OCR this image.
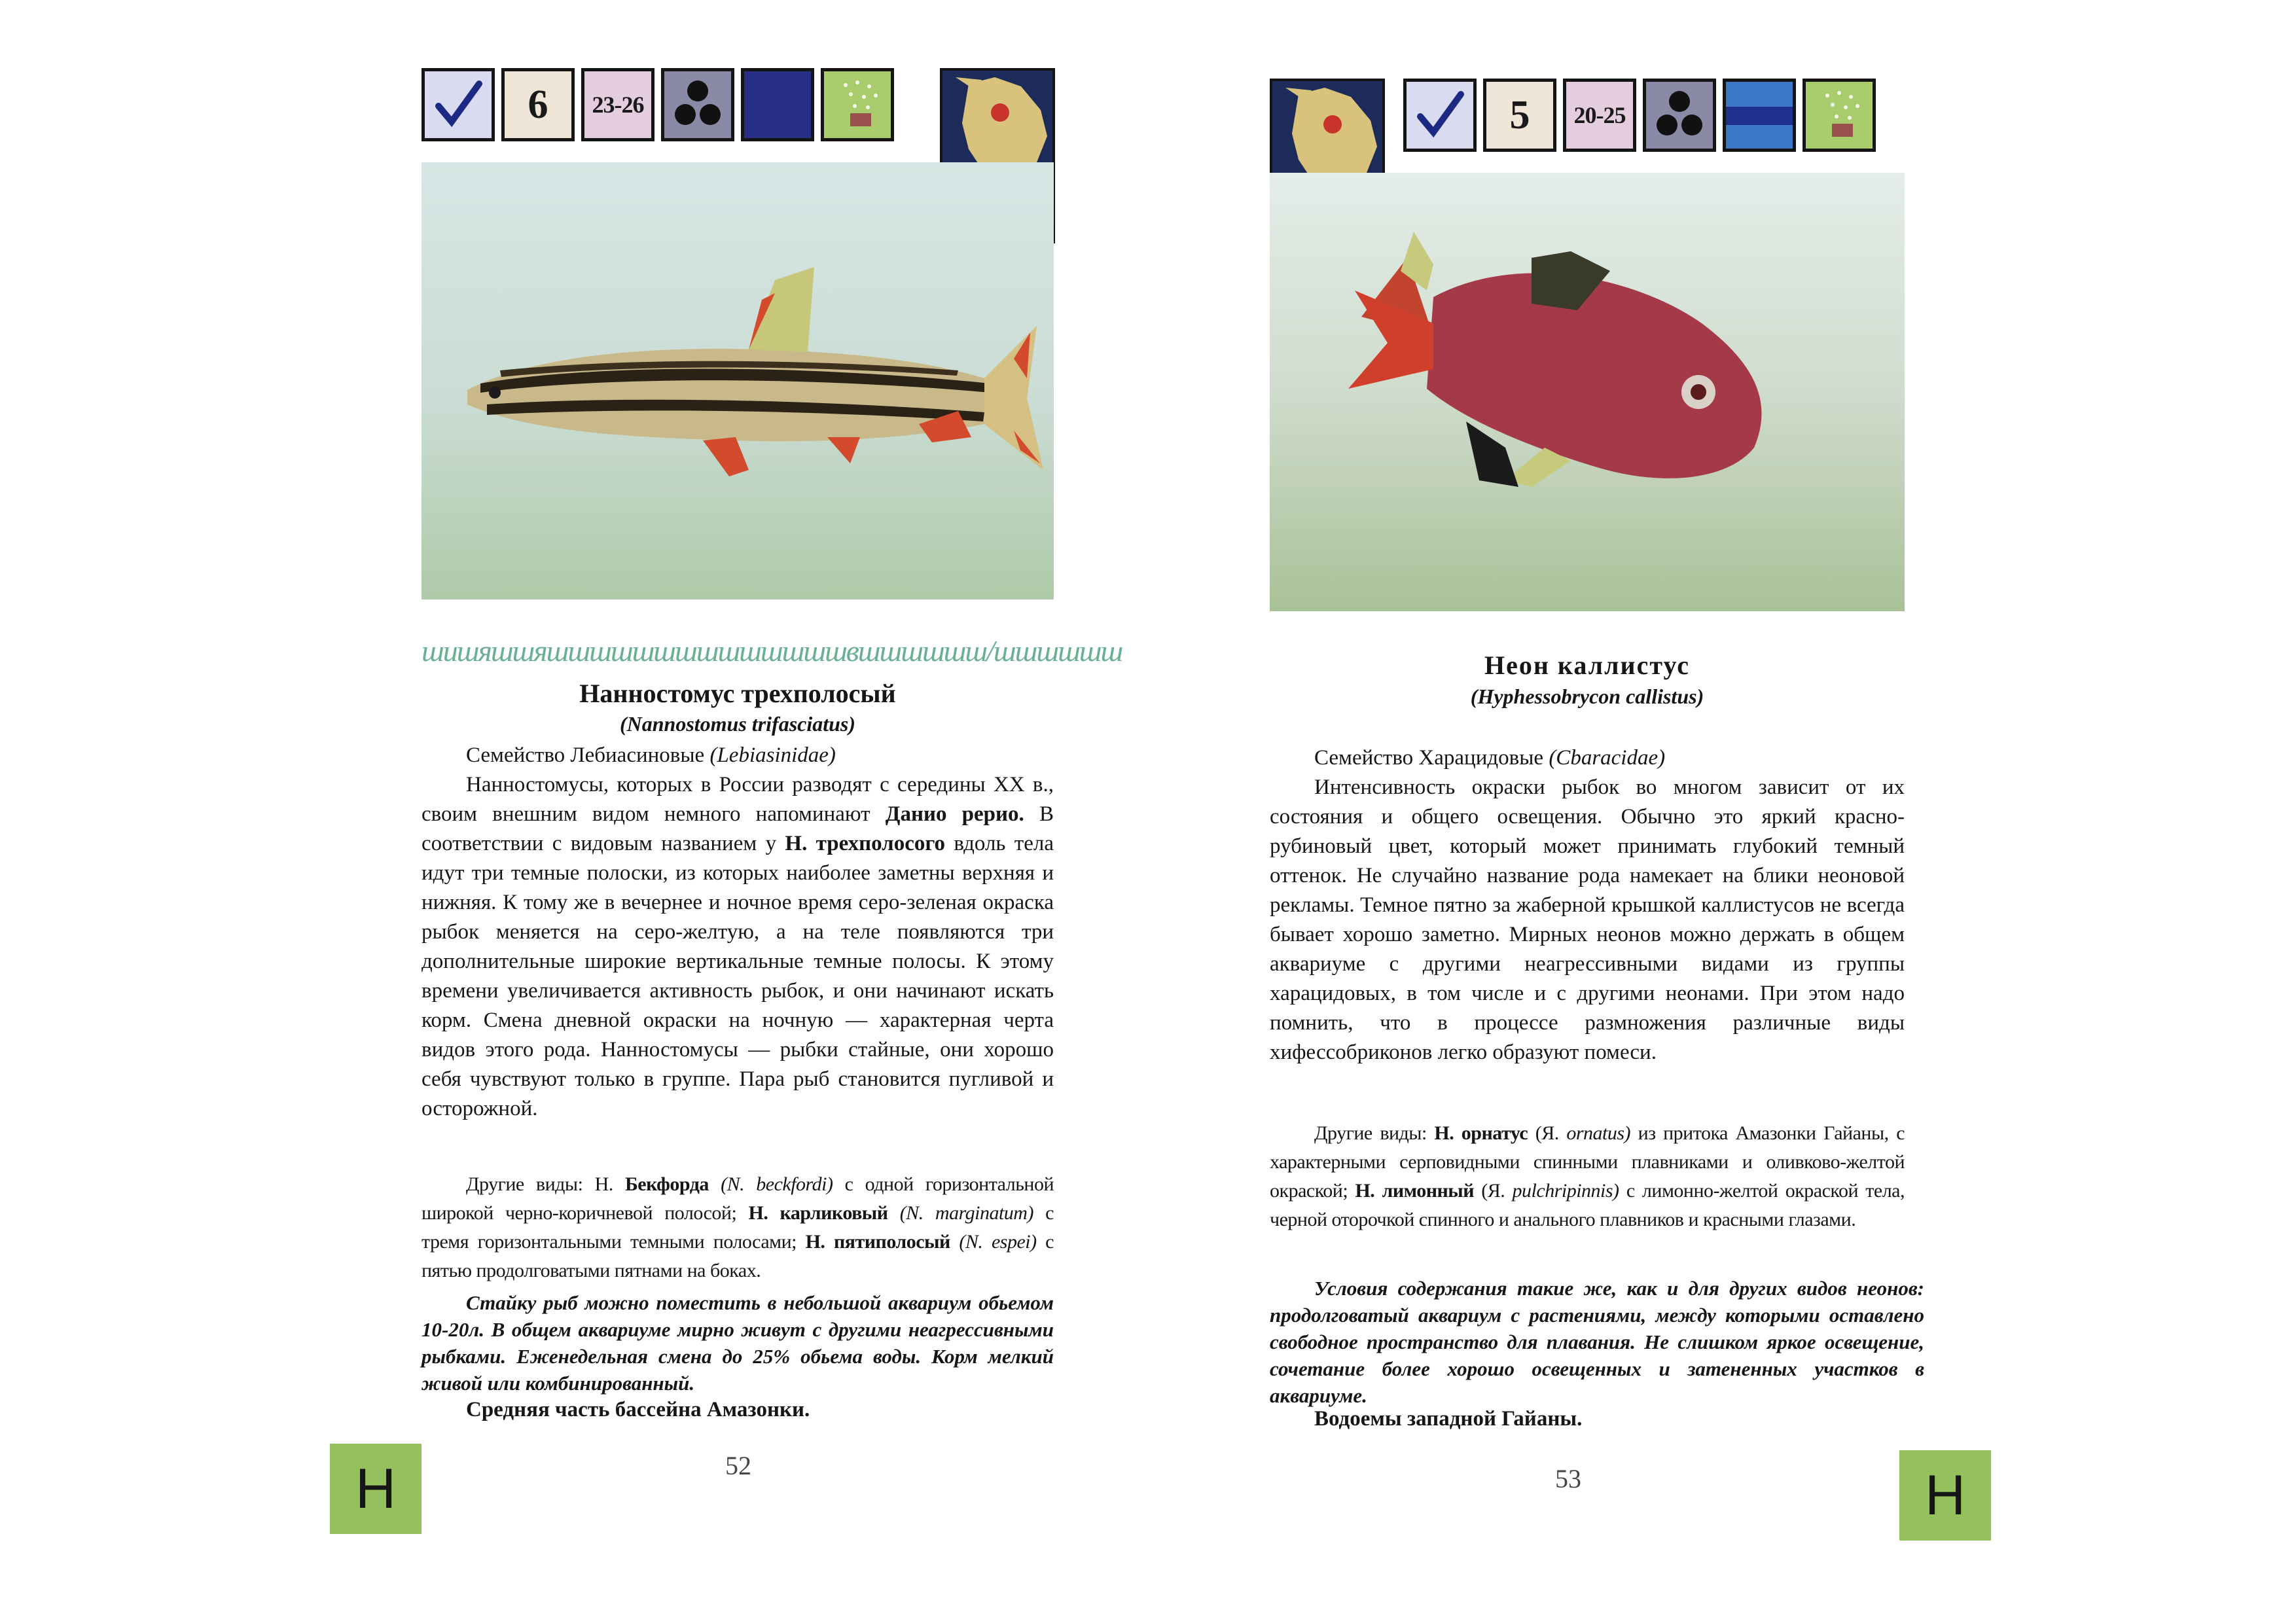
6	23-26
шишяшшяшшшшшшшшшшшшшшвшшшшшш/шшшшшш
Нанностомус трехполосый
(Nannostomus trifasciatus)

Семейство Лебиасиновые (Lebiasinidae)

Нанностомусы, которых в России разводят с середины XX в., своим внешним видом немного напоминают Данио рерио. В соответствии с видовым названием у Н. трехполосого вдоль тела идут три темные полоски, из которых наиболее заметны верхняя и нижняя. К тому же в вечернее и ночное время серо-зеленая окраска рыбок меняется на серо-желтую, а на теле появляются три дополнительные широкие вертикальные темные полосы. К этому времени увеличивается активность рыбок, и они начинают искать корм. Смена дневной окраски на ночную — характерная черта видов этого рода. Нанностомусы — рыбки стайные, они хорошо себя чувствуют только в группе. Пара рыб становится пугливой и осторожной.

Другие виды: Н. Бекфорда (N. beckfordi) с одной горизонтальной широкой черно-коричневой полосой; Н. карликовый (N. marginatum) с тремя горизонтальными темными полосами; Н. пятиполосый (N. espei) с пятью продолговатыми пятнами на боках.

Стайку рыб можно поместить в небольшой аквариум обьемом 10-20л. В общем аквариуме мирно живут с другими неагрессивными рыбками. Еженедельная смена до 25% обьема воды. Корм мелкий живой или комбинированный.

Средняя часть бассейна Амазонки.
52
Н
5	20-25
Неон каллистус
(Hyphessobrycon callistus)

Семейство Харацидовые (Cbaracidae)

Интенсивность окраски рыбок во многом зависит от их состояния и общего освещения. Обычно это яркий красно-рубиновый цвет, который может принимать глубокий темный оттенок. Не случайно название рода намекает на блики неоновой рекламы. Темное пятно за жаберной крышкой каллистусов не всегда бывает хорошо заметно. Мирных неонов можно держать в общем аквариуме с другими неагрессивными видами из группы харацидовых, в том числе и с другими неонами. При этом надо помнить, что в процессе размножения различные виды хифессобриконов легко образуют помеси.

Другие виды: Н. орнатус (Я. ornatus) из притока Амазонки Гайаны, с характерными серповидными спинными плавниками и оливково-желтой окраской; Н. лимонный (Я. pulchripinnis) с лимонно-желтой окраской тела, черной оторочкой спинного и анального плавников и красными глазами.

Условия содержания такие же, как и для других видов неонов: продолговатый аквариум с растениями, между которыми оставлено свободное пространство для плавания. Не слишком яркое освещение, сочетание более хорошо освещенных и затененных участков в аквариуме.

Водоемы западной Гайаны.
53	Н
